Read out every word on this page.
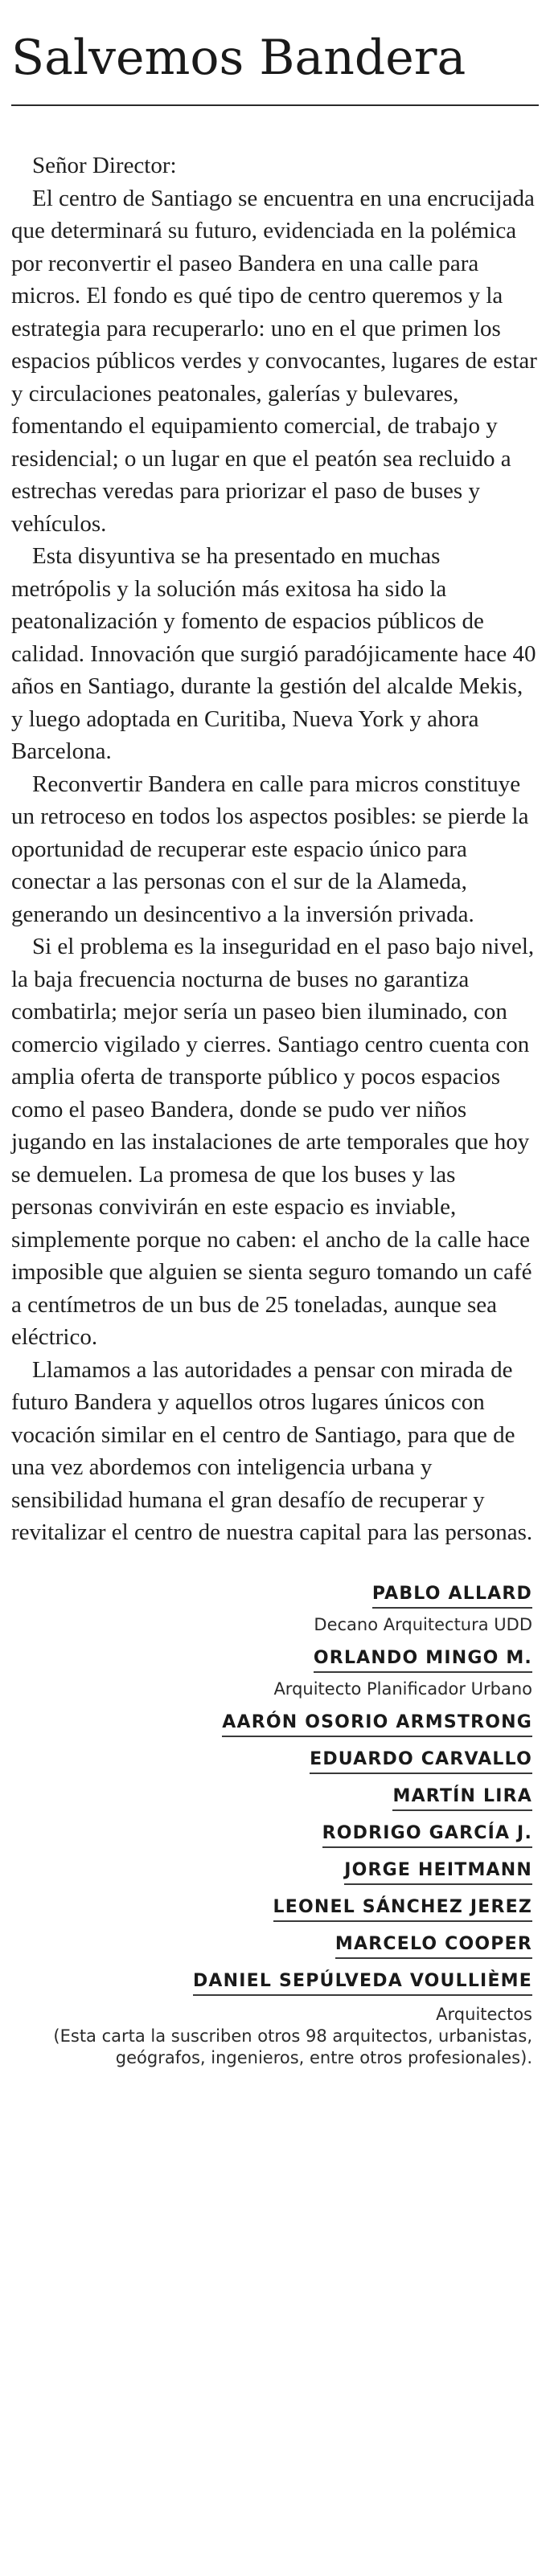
Salvemos Bandera

Señor Director:

El centro de Santiago se encuentra en una encrucijada que determinará su futuro, evidenciada en la polémica por reconvertir el paseo Bandera en una calle para micros. El fondo es qué tipo de centro queremos y la estrategia para recuperarlo: uno en el que primen los espacios públicos verdes y convocantes, lugares de estar y circulaciones peatonales, galerías y bulevares, fomentando el equipamiento comercial, de trabajo y residencial; o un lugar en que el peatón sea recluido a estrechas veredas para priorizar el paso de buses y vehículos.

Esta disyuntiva se ha presentado en muchas metrópolis y la solución más exitosa ha sido la peatonalización y fomento de espacios públicos de calidad. Innovación que surgió paradójicamente hace 40 años en Santiago, durante la gestión del alcalde Mekis, y luego adoptada en Curitiba, Nueva York y ahora Barcelona.

Reconvertir Bandera en calle para micros constituye un retroceso en todos los aspectos posibles: se pierde la oportunidad de recuperar este espacio único para conectar a las personas con el sur de la Alameda, generando un desincentivo a la inversión privada.

Si el problema es la inseguridad en el paso bajo nivel, la baja frecuencia nocturna de buses no garantiza combatirla; mejor sería un paseo bien iluminado, con comercio vigilado y cierres. Santiago centro cuenta con amplia oferta de transporte público y pocos espacios como el paseo Bandera, donde se pudo ver niños jugando en las instalaciones de arte temporales que hoy se demuelen. La promesa de que los buses y las personas convivirán en este espacio es inviable, simplemente porque no caben: el ancho de la calle hace imposible que alguien se sienta seguro tomando un café a centímetros de un bus de 25 toneladas, aunque sea eléctrico.

Llamamos a las autoridades a pensar con mirada de futuro Bandera y aquellos otros lugares únicos con vocación similar en el centro de Santiago, para que de una vez abordemos con inteligencia urbana y sensibilidad humana el gran desafío de recuperar y revitalizar el centro de nuestra capital para las personas.

PABLO ALLARD
Decano Arquitectura UDD
ORLANDO MINGO M.
Arquitecto Planificador Urbano
AARÓN OSORIO ARMSTRONG
EDUARDO CARVALLO
MARTÍN LIRA
RODRIGO GARCÍA J.
JORGE HEITMANN
LEONEL SÁNCHEZ JEREZ
MARCELO COOPER
DANIEL SEPÚLVEDA VOULLIÈME
Arquitectos
(Esta carta la suscriben otros 98 arquitectos, urbanistas, geógrafos, ingenieros, entre otros profesionales).
